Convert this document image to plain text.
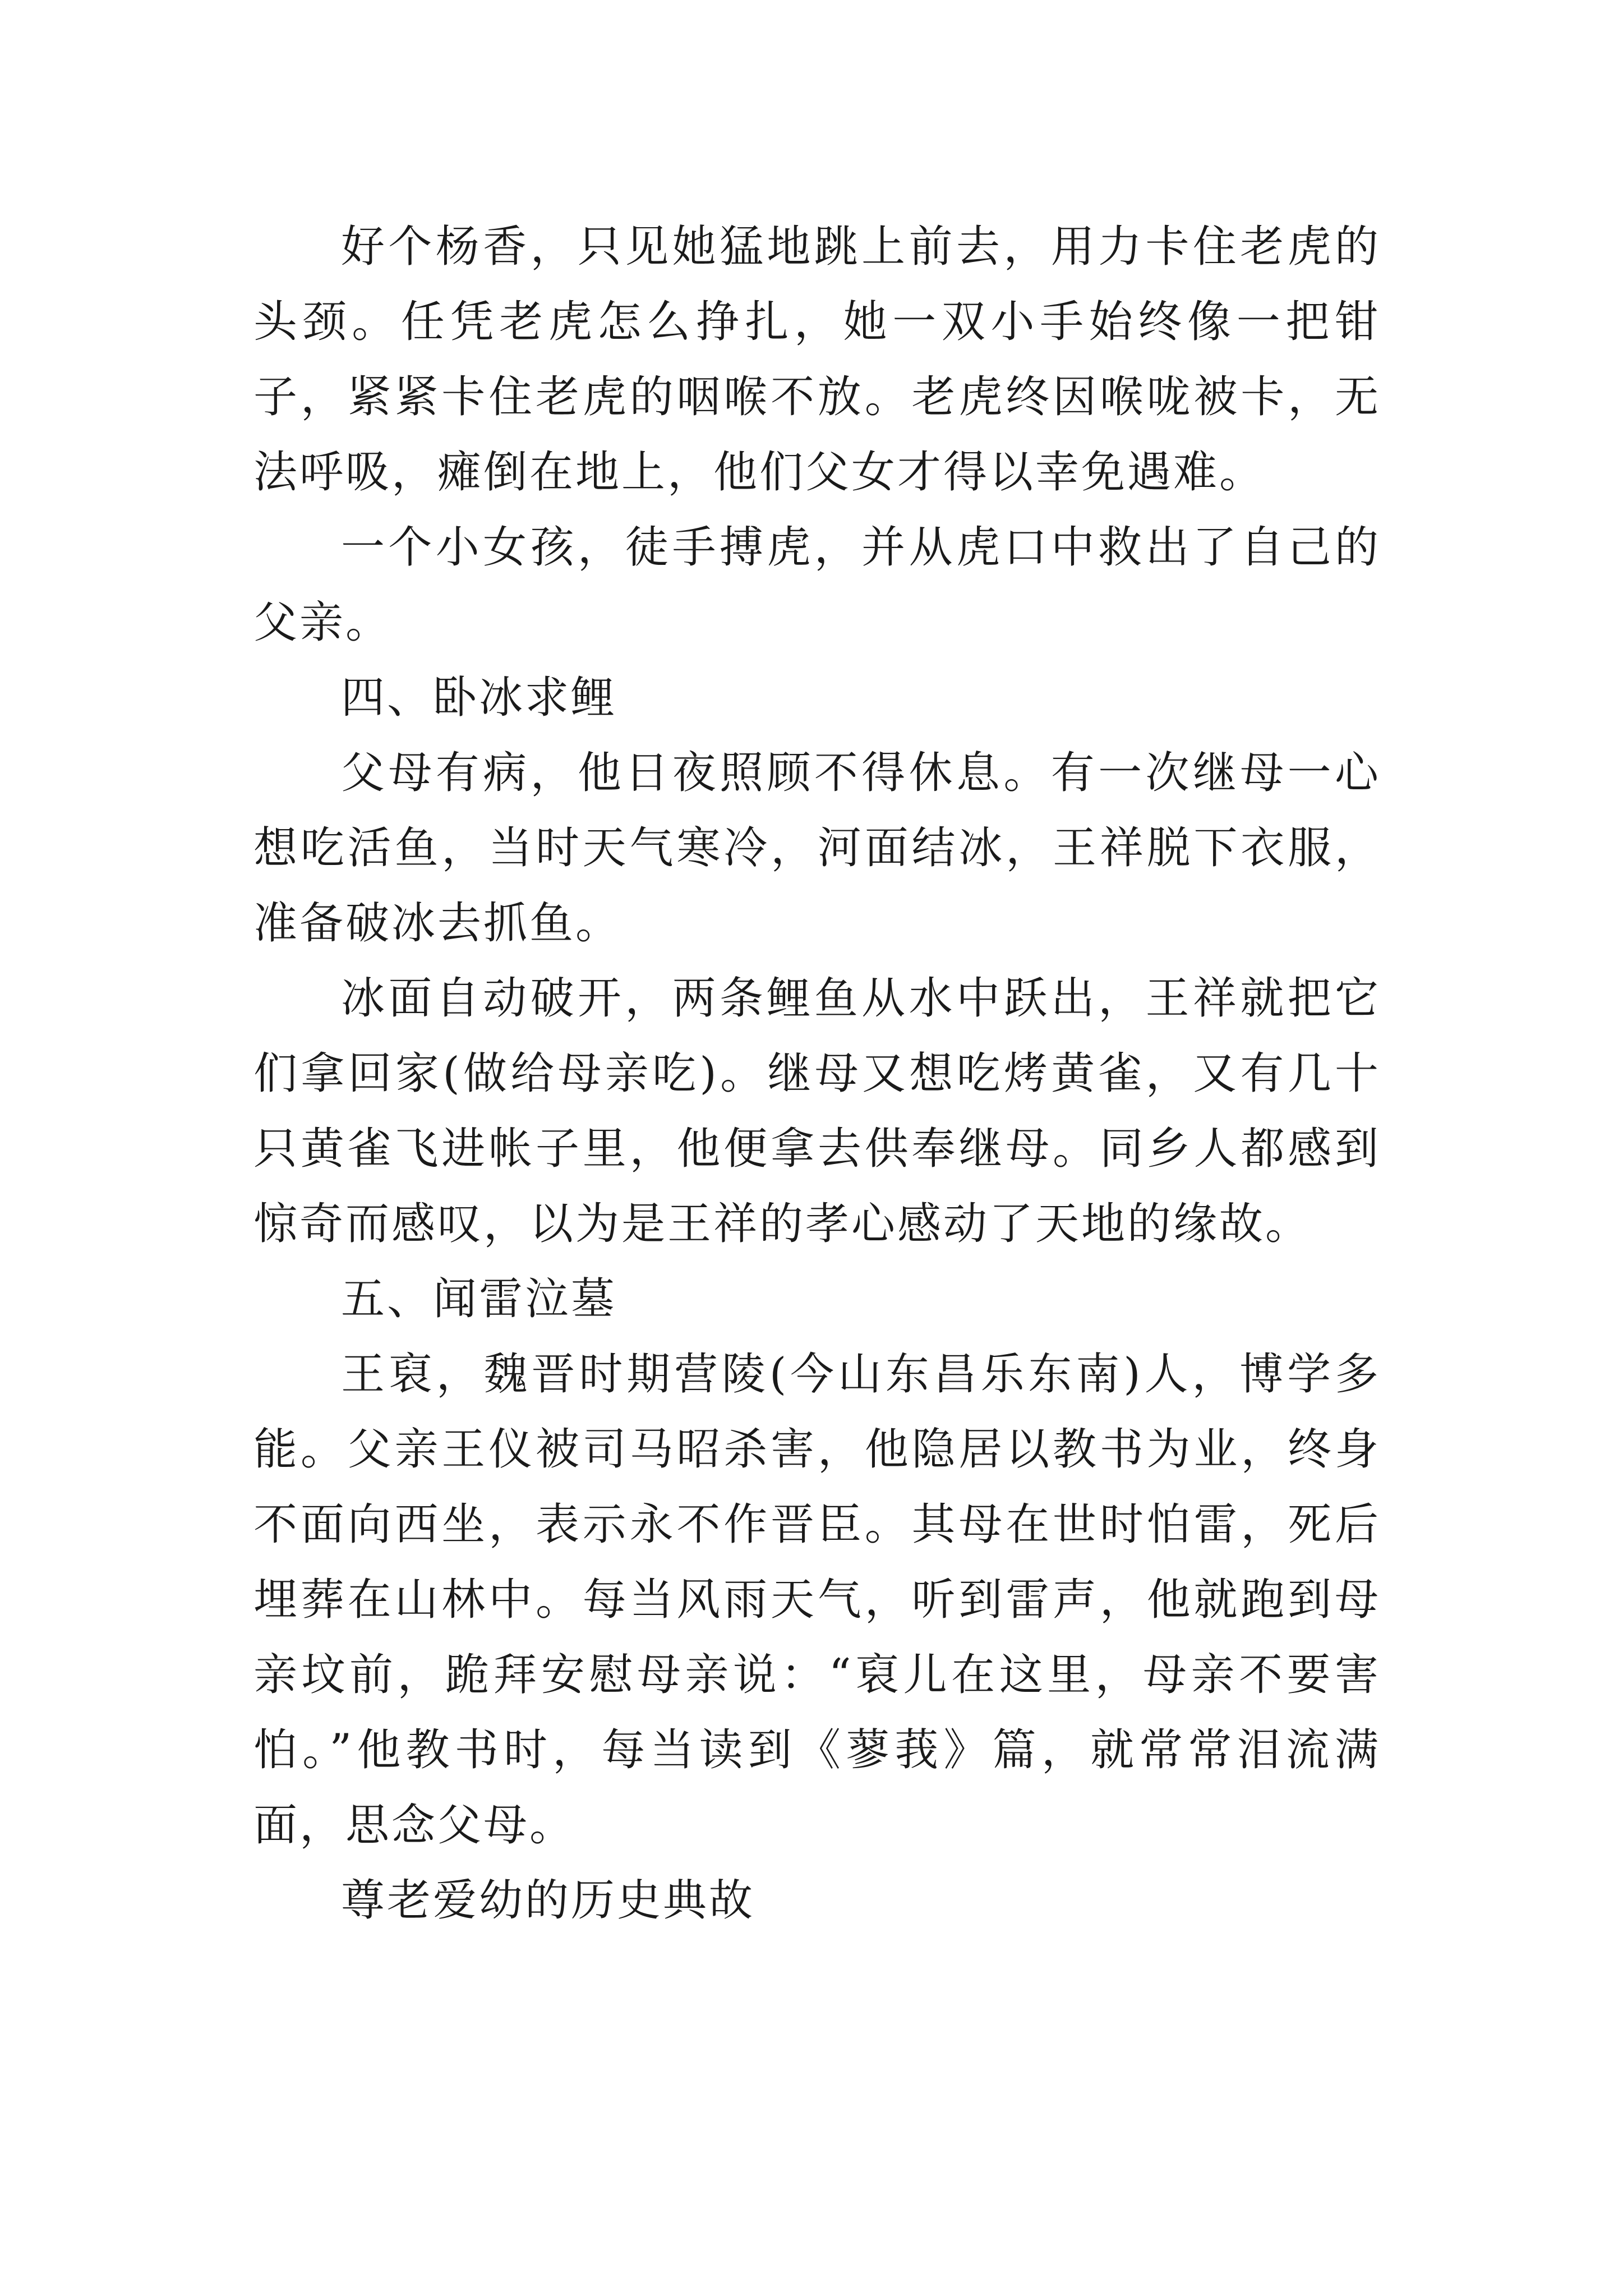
好个杨香，只见她猛地跳上前去，用力卡住老虎的头颈。任凭老虎怎么挣扎，她一双小手始终像一把钳子，紧紧卡住老虎的咽喉不放。老虎终因喉咙被卡，无法呼吸，瘫倒在地上，他们父女才得以幸免遇难。

一个小女孩，徒手搏虎，并从虎口中救出了自己的父亲。

四、卧冰求鲤

父母有病，他日夜照顾不得休息。有一次继母一心想吃活鱼，当时天气寒冷，河面结冰，王祥脱下衣服，准备破冰去抓鱼。

冰面自动破开，两条鲤鱼从水中跃出，王祥就把它们拿回家(做给母亲吃)。继母又想吃烤黄雀，又有几十只黄雀飞进帐子里，他便拿去供奉继母。同乡人都感到惊奇而感叹，以为是王祥的孝心感动了天地的缘故。

五、闻雷泣墓

王裒，魏晋时期营陵(今山东昌乐东南)人，博学多能。父亲王仪被司马昭杀害，他隐居以教书为业，终身不面向西坐，表示永不作晋臣。其母在世时怕雷，死后埋葬在山林中。每当风雨天气，听到雷声，他就跑到母亲坟前，跪拜安慰母亲说：“裒儿在这里，母亲不要害怕。”他教书时，每当读到《蓼莪》篇，就常常泪流满面，思念父母。

尊老爱幼的历史典故
